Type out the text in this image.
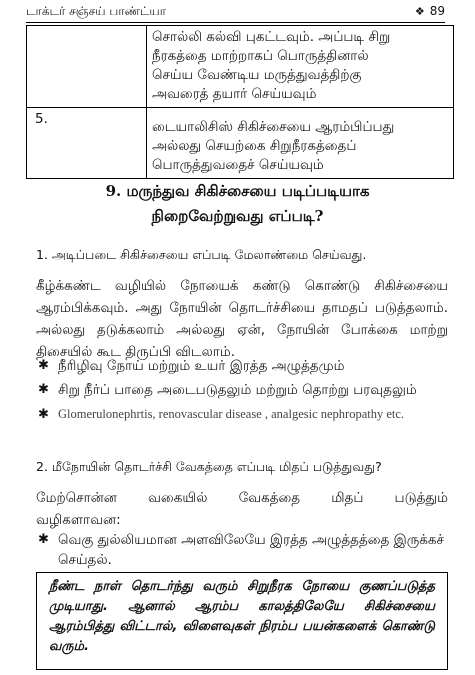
டாக்டர் சஞ்சய் பாண்ட்யா	❖ 89

	சொல்லி கல்வி புகட்டவும். அப்படி சிறு
நீரகத்தை மாற்றாகப் பொருத்தினால்
செய்ய வேண்டிய மருத்துவத்திற்கு
அவரைத் தயார் செய்யவும்

5.	டையாலிசிஸ் சிகிச்சையை ஆரம்பிப்பது
அல்லது செயற்கை சிறுநீரகத்தைப்
பொருத்துவதைச் செய்யவும்
9. மருந்துவ சிகிச்சையை படிப்படியாக
நிறைவேற்றுவது எப்படி?
1. அடிப்படை சிகிச்சையை எப்படி மேலாண்மை செய்வது.
கீழ்க்கண்ட வழியில் நோயைக் கண்டு கொண்டு சிகிச்சையை ஆரம்பிக்கவும். அது நோயின் தொடர்ச்சியை தாமதப் படுத்தலாம். அல்லது தடுக்கலாம் அல்லது ஏன், நோயின் போக்கை மாற்று திசையில் கூட திருப்பி விடலாம்.
✱ நீரிழிவு நோய் மற்றும் உயர் இரத்த அழுத்தமும்
✱ சிறு நீர்ப் பாதை அடைபடுதலும் மற்றும் தொற்று பரவுதலும்
✱ Glomerulonephrtis, renovascular disease , analgesic nephropathy etc.
2. மீநோயின் தொடர்ச்சி வேகத்தை எப்படி மிதப் படுத்துவது?
மேற்சொன்ன வகையில் வேகத்தை மிதப் படுத்தும் வழிகளாவன:
✱ வெகு துல்லியமான அளவிலேயே இரத்த அழுத்தத்தை இருக்கச் செய்தல்.
நீண்ட நாள் தொடர்ந்து வரும் சிறுநீரக நோயை குணப்படுத்த முடியாது. ஆனால் ஆரம்ப காலத்திலேயே சிகிச்சையை ஆரம்பித்து விட்டால், விளைவுகள் நிரம்ப பயன்களைக் கொண்டு வரும்.
